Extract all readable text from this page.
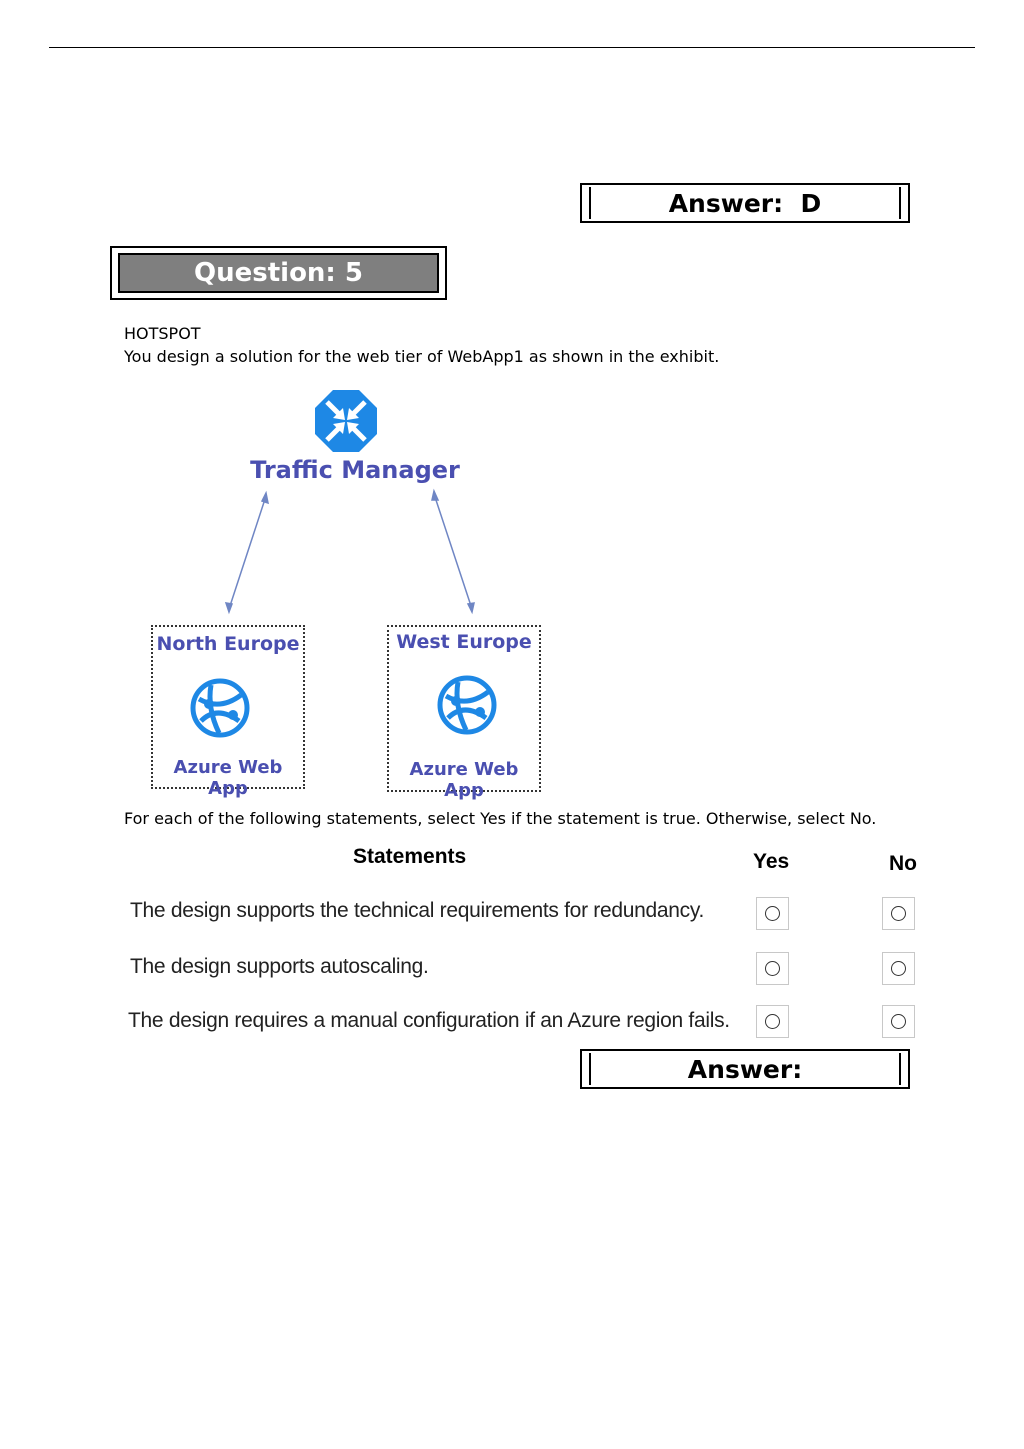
Answer:  D
Question: 5
HOTSPOT
You design a solution for the web tier of WebApp1 as shown in the exhibit.
Traffic Manager
North Europe
Azure Web App
West Europe
Azure Web App
For each of the following statements, select Yes if the statement is true. Otherwise, select No.
Statements	Yes	No
The design supports the technical requirements for redundancy.
The design supports autoscaling.
The design requires a manual configuration if an Azure region fails.
Answer:
